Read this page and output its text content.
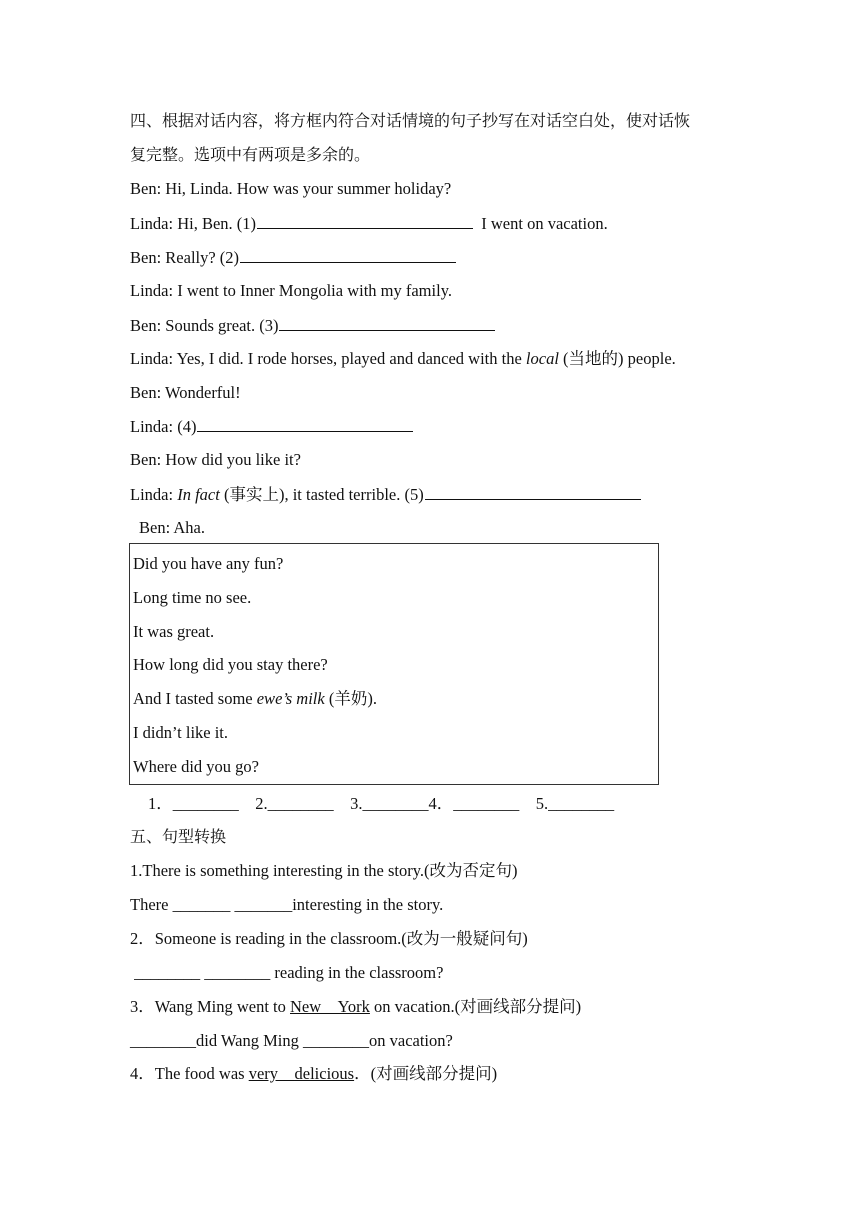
四、根据对话内容，将方框内符合对话情境的句子抄写在对话空白处，使对话恢
复完整。选项中有两项是多余的。
Ben: Hi, Linda. How was your summer holiday?
Linda: Hi, Ben. (1)	I went on vacation.
Ben: Really? (2)
Linda: I went to Inner Mongolia with my family.
Ben: Sounds great. (3)
Linda: Yes, I did. I rode horses, played and danced with the local (当地的) people.
Ben: Wonderful!
Linda: (4)
Ben: How did you like it?
Linda: In fact (事实上), it tasted terrible. (5)
Ben: Aha.
Did you have any fun?
Long time no see.
It was great.
How long did you stay there?
And I tasted some ewe’s milk (羊奶).
I didn’t like it.
Where did you go?
1．________    2.________    3.________4．________    5.________
五、句型转换
1.There is something interesting in the story.(改为否定句)
There _______ _______interesting in the story.
2．Someone is reading in the classroom.(改为一般疑问句)
________ ________ reading in the classroom?
3．Wang Ming went to New__York on vacation.(对画线部分提问)
________did Wang Ming ________on vacation?
4．The food was very__delicious．(对画线部分提问)
